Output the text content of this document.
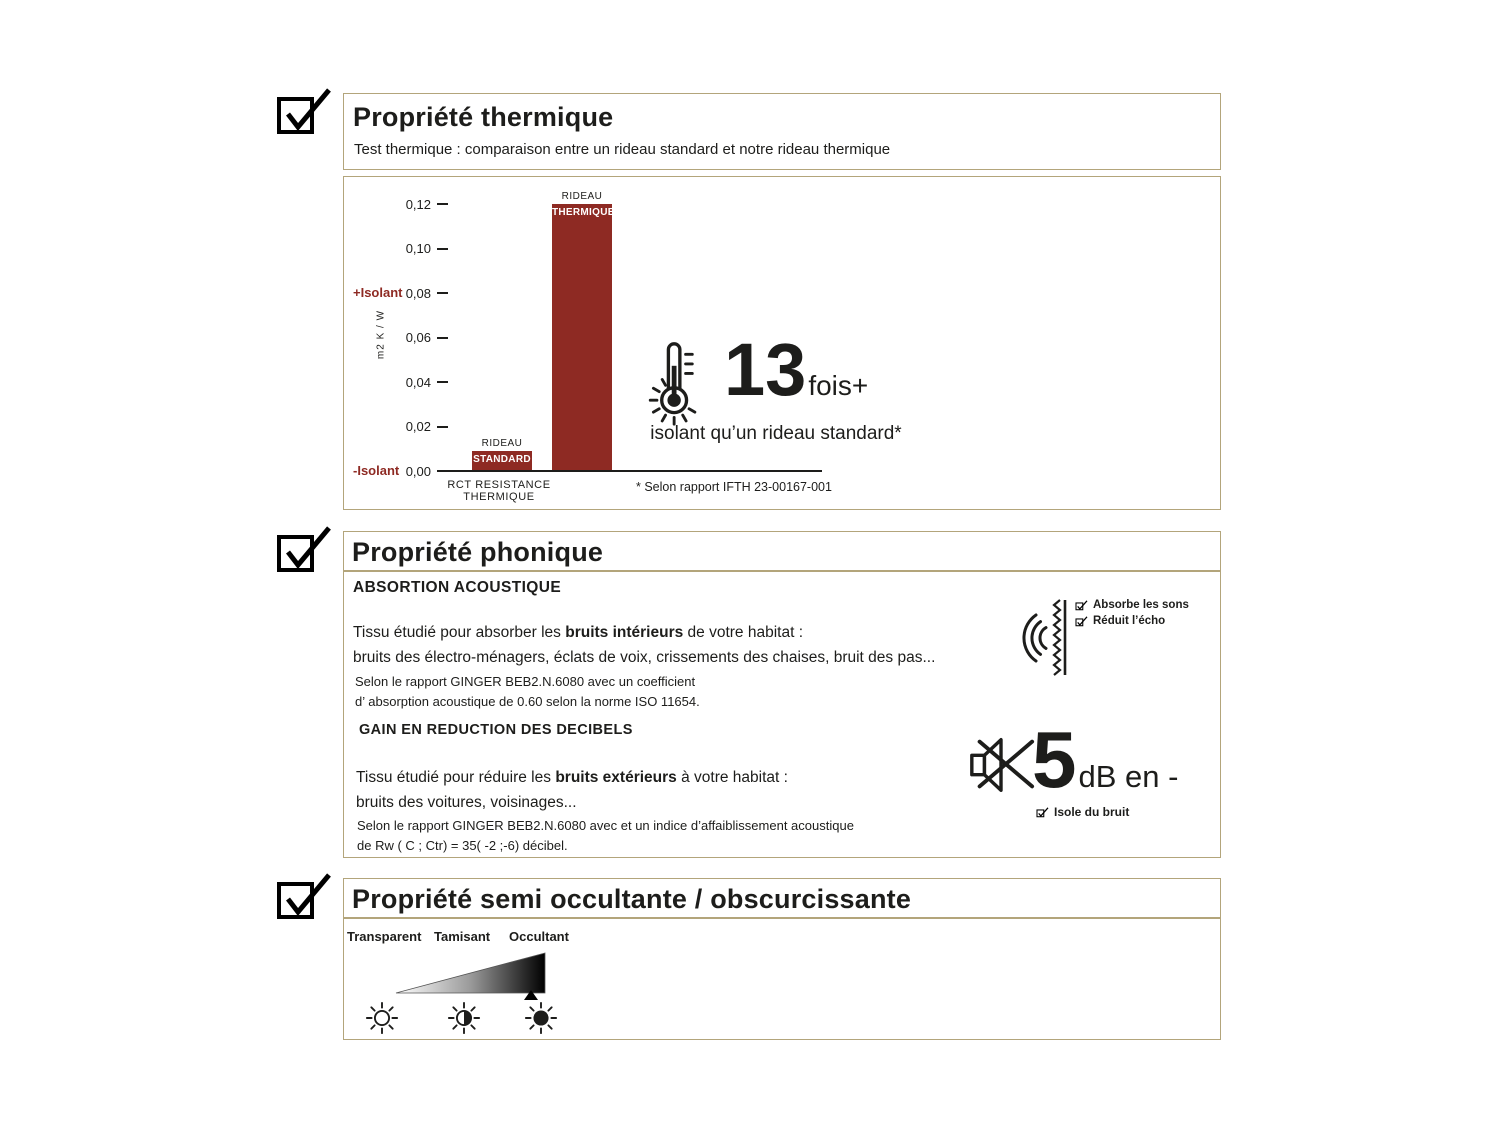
Propriété thermique
Test thermique : comparaison entre un rideau standard et notre rideau thermique
0,12
0,10
0,08
0,06
0,04
0,02
0,00
+Isolant
-Isolant
m2 K / W
RIDEAU
STANDARD
RIDEAU
THERMIQUE
RCT RESISTANCE THERMIQUE
* Selon rapport IFTH 23-00167-001
13 fois+
isolant qu’un rideau standard*
Propriété phonique
ABSORTION ACOUSTIQUE
Tissu étudié pour absorber les bruits intérieurs de votre habitat :
bruits des électro-ménagers, éclats de voix, crissements des chaises, bruit des pas...
Selon le rapport GINGER BEB2.N.6080 avec un coefficient
d’ absorption acoustique de 0.60 selon la norme ISO 11654.
Absorbe les sons
Réduit l’écho
GAIN EN REDUCTION DES DECIBELS
Tissu étudié pour réduire les bruits extérieurs à votre habitat :
bruits des voitures, voisinages...
Selon le rapport GINGER BEB2.N.6080 avec et un indice d’affaiblissement acoustique
de Rw ( C ; Ctr) = 35( -2 ;-6) décibel.
5 dB en -
Isole du bruit
Propriété semi occultante / obscurcissante
Transparent Tamisant Occultant
